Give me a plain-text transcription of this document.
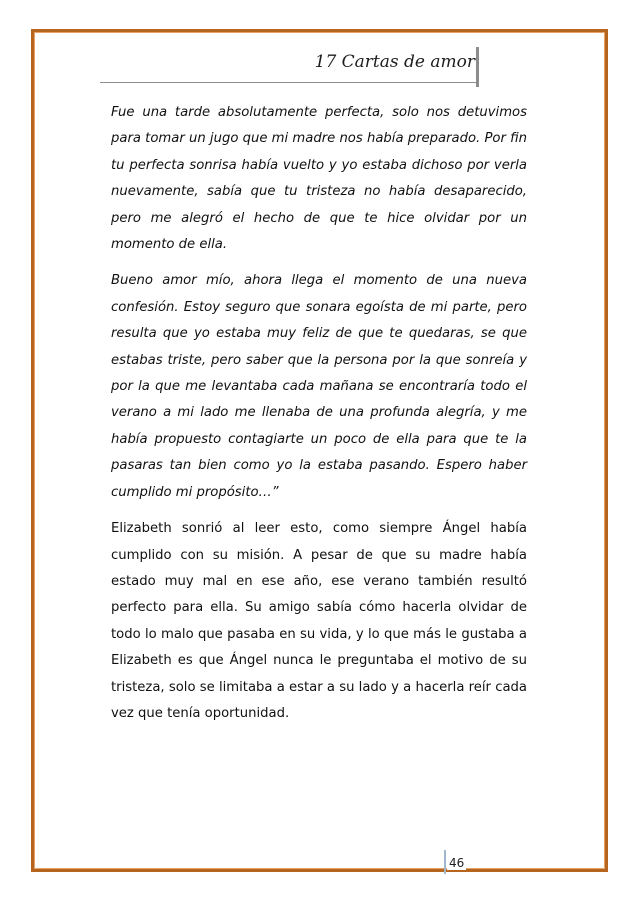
17 Cartas de amor

Fue una tarde absolutamente perfecta, solo nos detuvimos para tomar un jugo que mi madre nos había preparado. Por fin tu perfecta sonrisa había vuelto y yo estaba dichoso por verla nuevamente, sabía que tu tristeza no había desaparecido, pero me alegró el hecho de que te hice olvidar por un momento de ella.

Bueno amor mío, ahora llega el momento de una nueva confesión. Estoy seguro que sonara egoísta de mi parte, pero resulta que yo estaba muy feliz de que te quedaras, se que estabas triste, pero saber que la persona por la que sonreía y por la que me levantaba cada mañana se encontraría todo el verano a mi lado me llenaba de una profunda alegría, y me había propuesto contagiarte un poco de ella para que te la pasaras tan bien como yo la estaba pasando. Espero haber cumplido mi propósito…”

Elizabeth sonrió al leer esto, como siempre Ángel había cumplido con su misión. A pesar de que su madre había estado muy mal en ese año, ese verano también resultó perfecto para ella. Su amigo sabía cómo hacerla olvidar de todo lo malo que pasaba en su vida, y lo que más le gustaba a Elizabeth es que Ángel nunca le preguntaba el motivo de su tristeza, solo se limitaba a estar a su lado y a hacerla reír cada vez que tenía oportunidad.

46
